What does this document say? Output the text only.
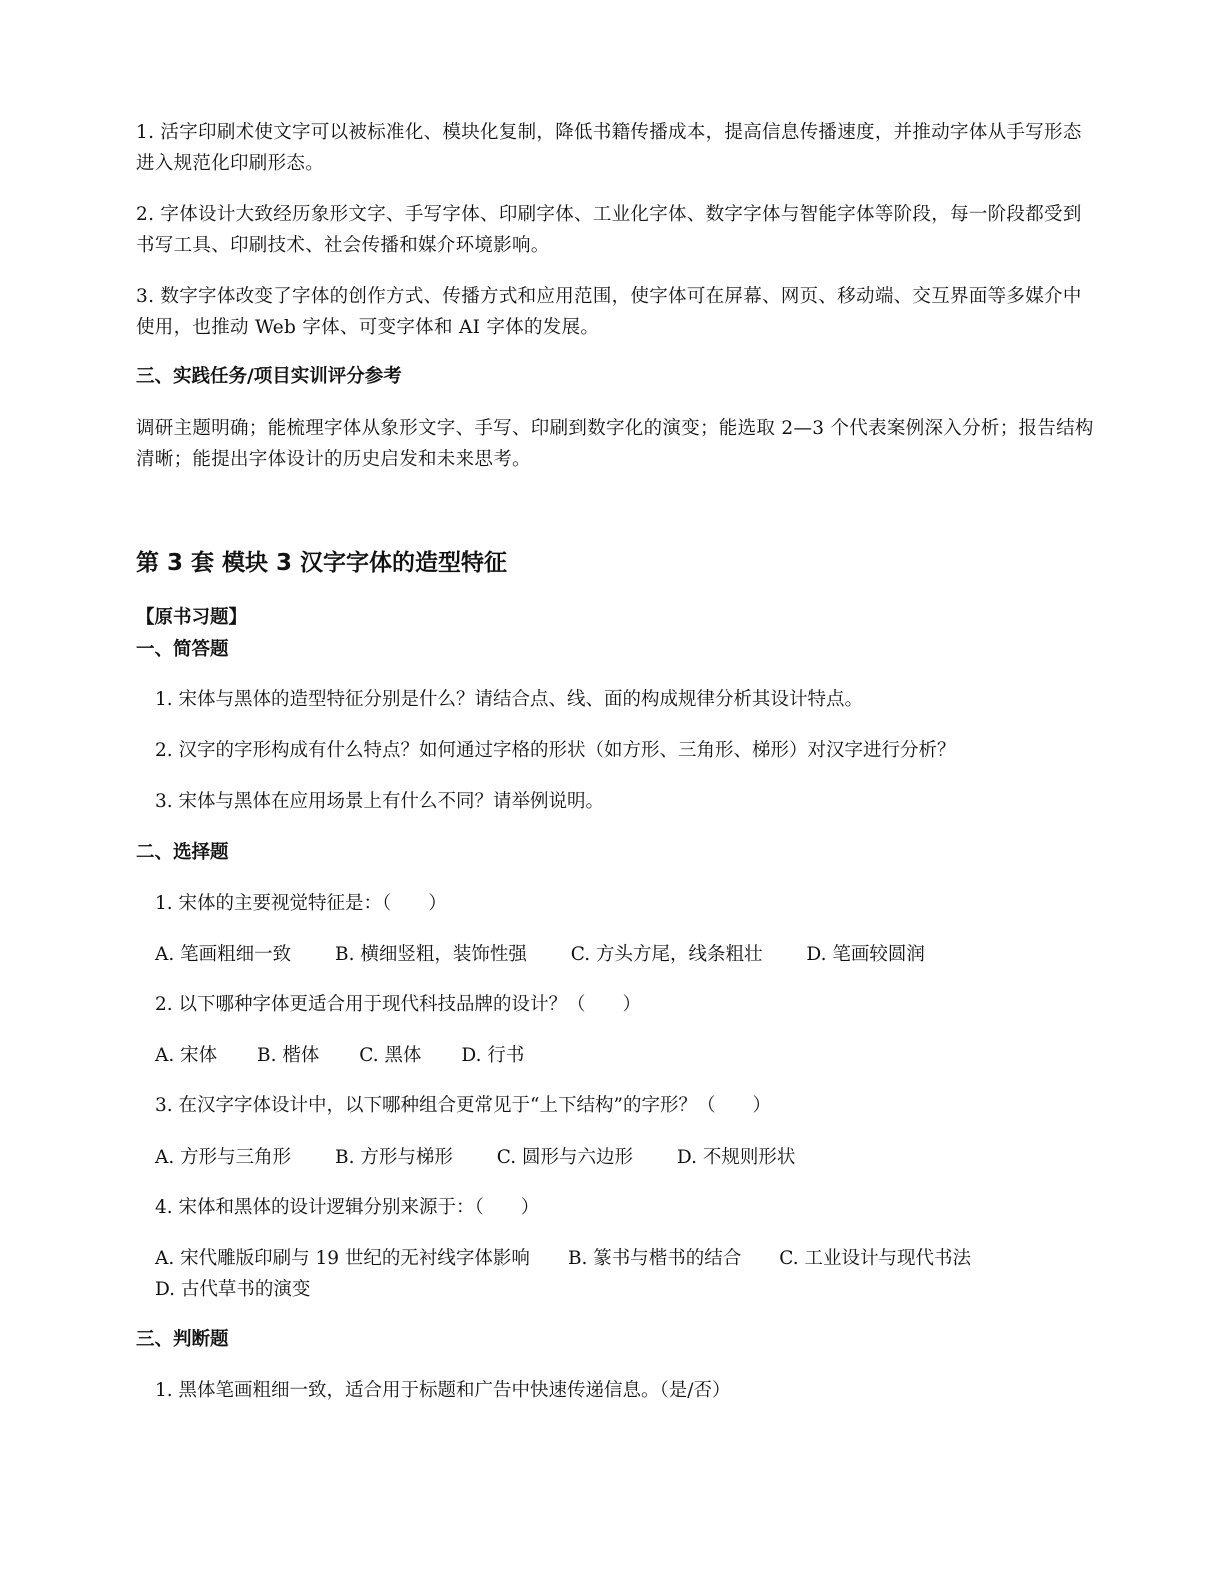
1. 活字印刷术使文字可以被标准化、模块化复制，降低书籍传播成本，提高信息传播速度，并推动字体从手写形态进入规范化印刷形态。

2. 字体设计大致经历象形文字、手写字体、印刷字体、工业化字体、数字字体与智能字体等阶段，每一阶段都受到书写工具、印刷技术、社会传播和媒介环境影响。

3. 数字字体改变了字体的创作方式、传播方式和应用范围，使字体可在屏幕、网页、移动端、交互界面等多媒介中使用，也推动 Web 字体、可变字体和 AI 字体的发展。

三、实践任务/项目实训评分参考

调研主题明确；能梳理字体从象形文字、手写、印刷到数字化的演变；能选取 2—3 个代表案例深入分析；报告结构清晰；能提出字体设计的历史启发和未来思考。

第 3 套 模块 3 汉字字体的造型特征
【原书习题】
一、简答题

1. 宋体与黑体的造型特征分别是什么？请结合点、线、面的构成规律分析其设计特点。

2. 汉字的字形构成有什么特点？如何通过字格的形状（如方形、三角形、梯形）对汉字进行分析？

3. 宋体与黑体在应用场景上有什么不同？请举例说明。

二、选择题

1. 宋体的主要视觉特征是：（　　）

A. 笔画粗细一致 B. 横细竖粗，装饰性强 C. 方头方尾，线条粗壮 D. 笔画较圆润

2. 以下哪种字体更适合用于现代科技品牌的设计？（　　）

A. 宋体 B. 楷体 C. 黑体 D. 行书

3. 在汉字字体设计中，以下哪种组合更常见于“上下结构”的字形？（　　）

A. 方形与三角形 B. 方形与梯形 C. 圆形与六边形 D. 不规则形状

4. 宋体和黑体的设计逻辑分别来源于：（　　）

A. 宋代雕版印刷与 19 世纪的无衬线字体影响 B. 篆书与楷书的结合 C. 工业设计与现代书法
D. 古代草书的演变
三、判断题

1. 黑体笔画粗细一致，适合用于标题和广告中快速传递信息。（是/否）
